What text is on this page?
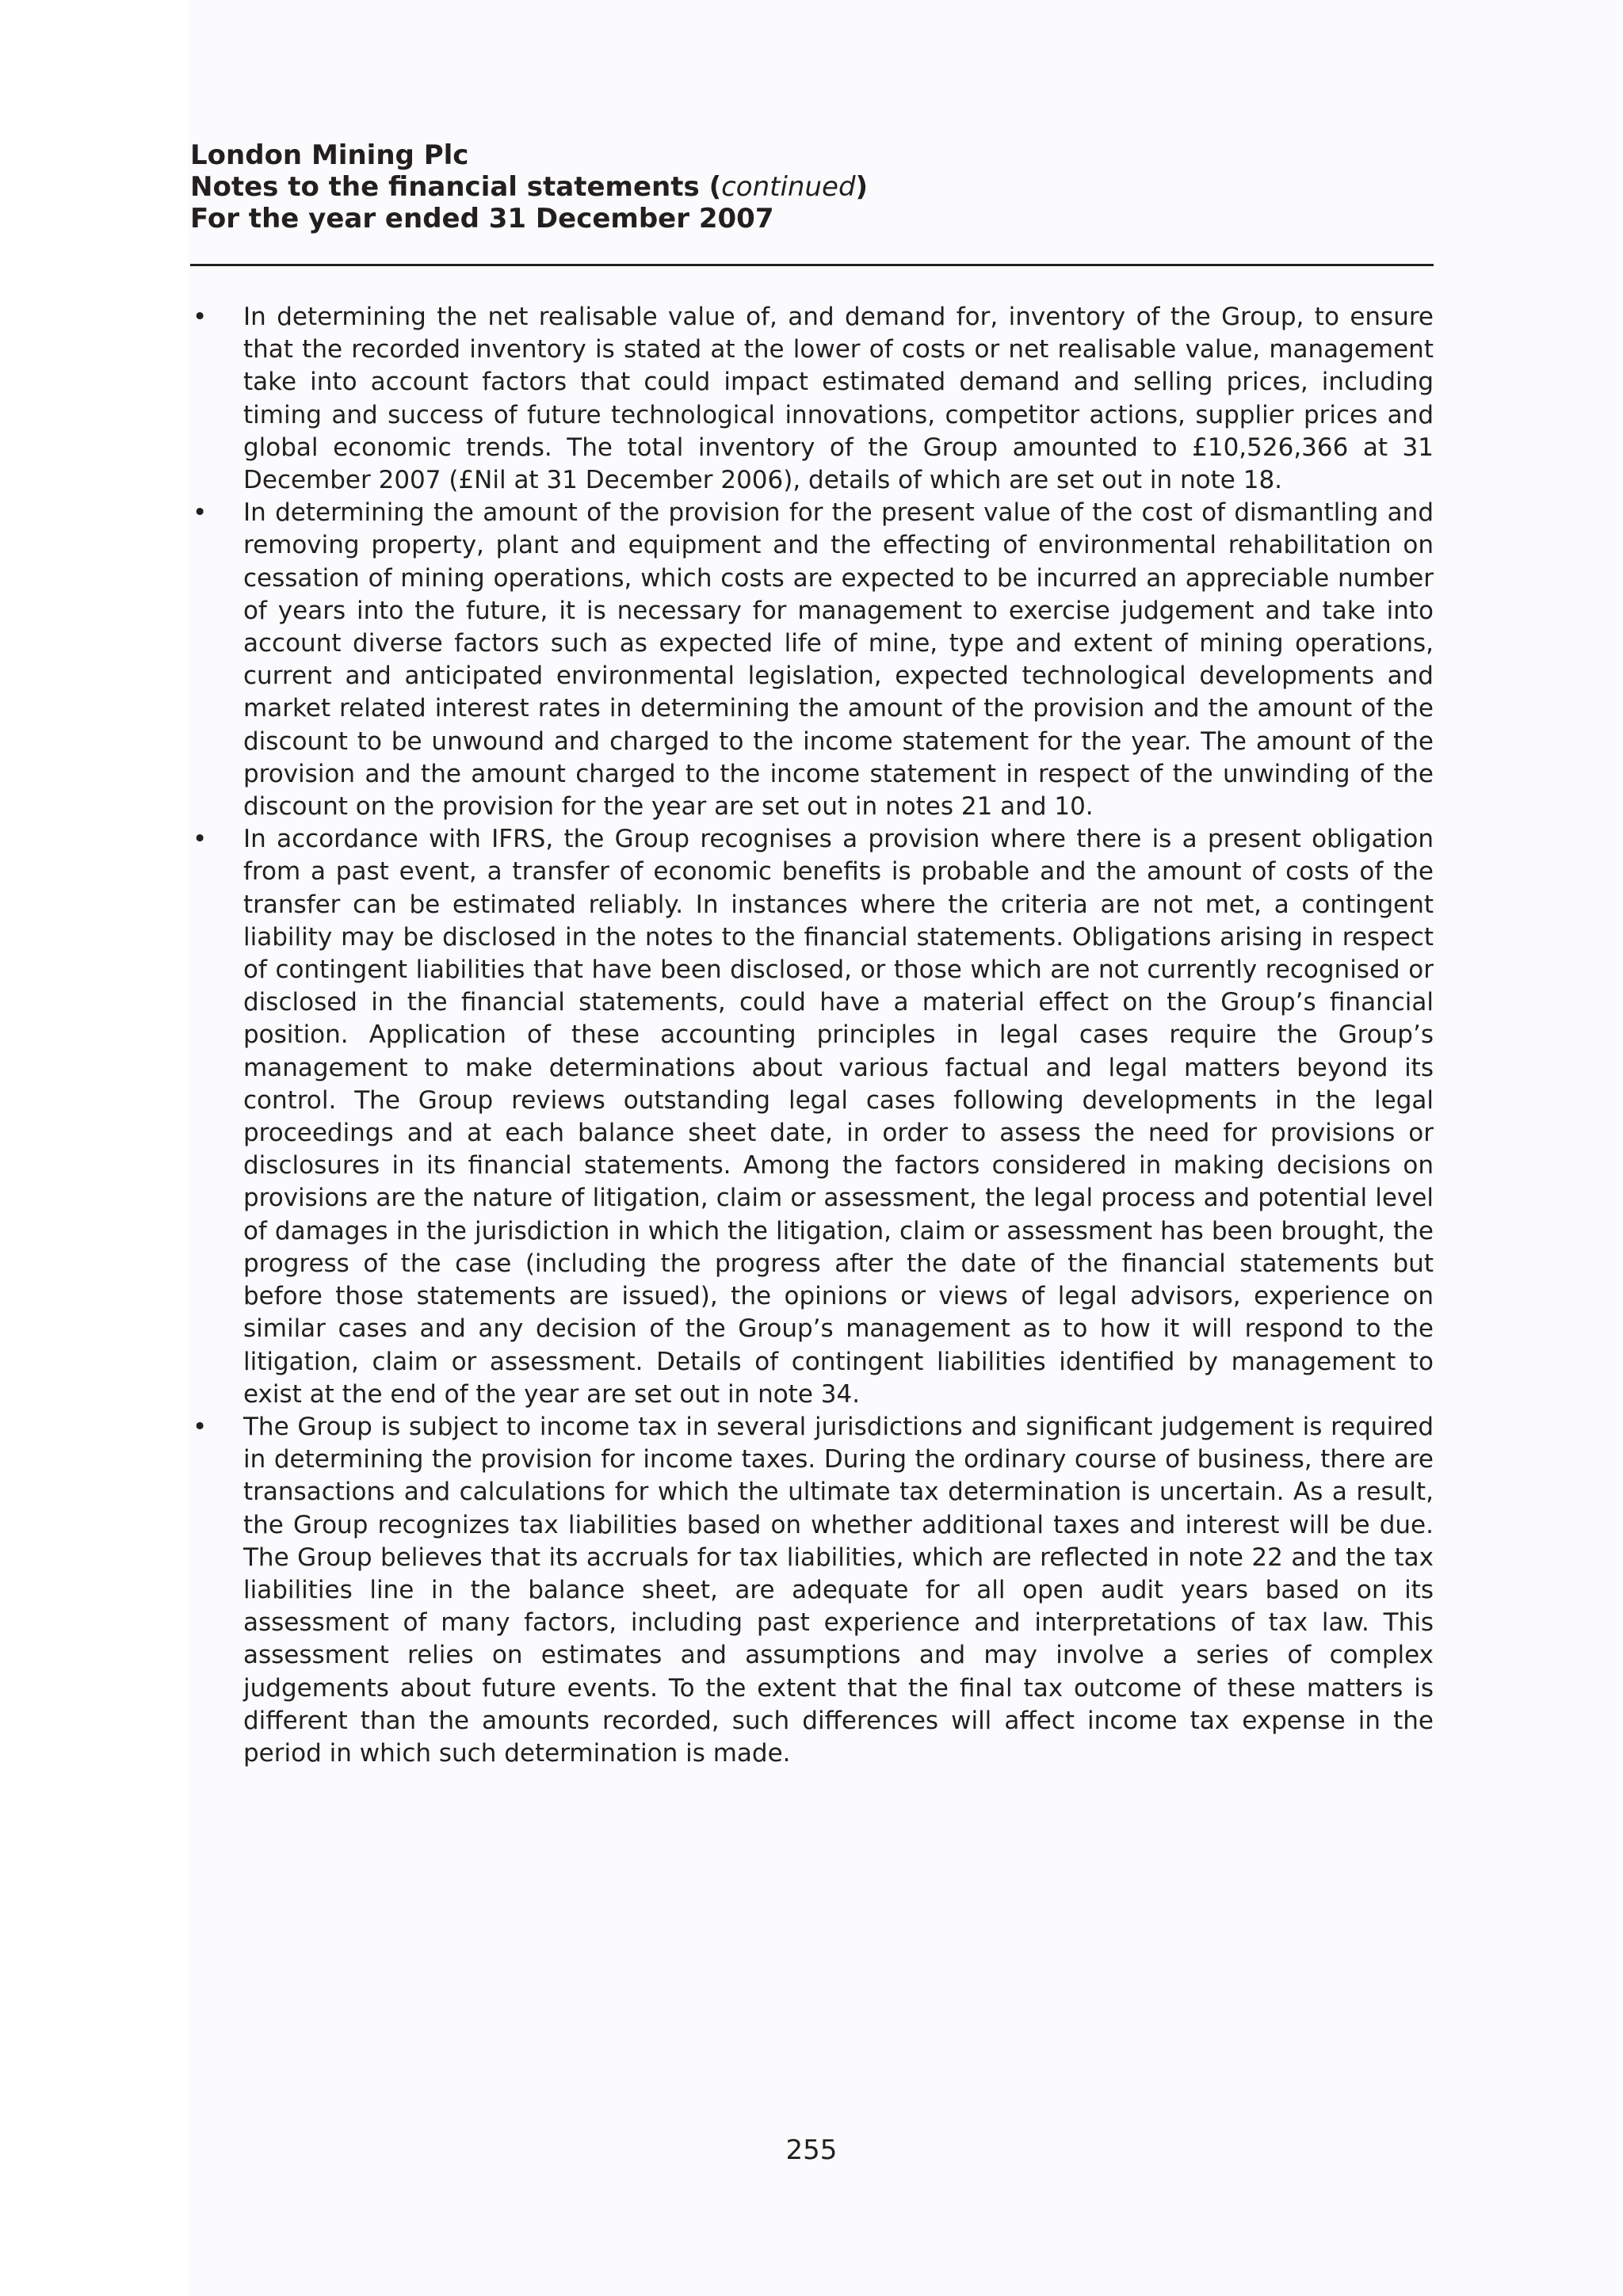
London Mining Plc
Notes to the financial statements (continued)
For the year ended 31 December 2007
• In determining the net realisable value of, and demand for, inventory of the Group, to ensure that the recorded inventory is stated at the lower of costs or net realisable value, management take into account factors that could impact estimated demand and selling prices, including timing and success of future technological innovations, competitor actions, supplier prices and global economic trends. The total inventory of the Group amounted to £10,526,366 at 31 December 2007 (£Nil at 31 December 2006), details of which are set out in note 18.
• In determining the amount of the provision for the present value of the cost of dismantling and removing property, plant and equipment and the effecting of environmental rehabilitation on cessation of mining operations, which costs are expected to be incurred an appreciable number of years into the future, it is necessary for management to exercise judgement and take into account diverse factors such as expected life of mine, type and extent of mining operations, current and anticipated environmental legislation, expected technological developments and market related interest rates in determining the amount of the provision and the amount of the discount to be unwound and charged to the income statement for the year. The amount of the provision and the amount charged to the income statement in respect of the unwinding of the discount on the provision for the year are set out in notes 21 and 10.
• In accordance with IFRS, the Group recognises a provision where there is a present obligation from a past event, a transfer of economic benefits is probable and the amount of costs of the transfer can be estimated reliably. In instances where the criteria are not met, a contingent liability may be disclosed in the notes to the financial statements. Obligations arising in respect of contingent liabilities that have been disclosed, or those which are not currently recognised or disclosed in the financial statements, could have a material effect on the Group’s financial position. Application of these accounting principles in legal cases require the Group’s management to make determinations about various factual and legal matters beyond its control. The Group reviews outstanding legal cases following developments in the legal proceedings and at each balance sheet date, in order to assess the need for provisions or disclosures in its financial statements. Among the factors considered in making decisions on provisions are the nature of litigation, claim or assessment, the legal process and potential level of damages in the jurisdiction in which the litigation, claim or assessment has been brought, the progress of the case (including the progress after the date of the financial statements but before those statements are issued), the opinions or views of legal advisors, experience on similar cases and any decision of the Group’s management as to how it will respond to the litigation, claim or assessment. Details of contingent liabilities identified by management to exist at the end of the year are set out in note 34.
• The Group is subject to income tax in several jurisdictions and significant judgement is required in determining the provision for income taxes. During the ordinary course of business, there are transactions and calculations for which the ultimate tax determination is uncertain. As a result, the Group recognizes tax liabilities based on whether additional taxes and interest will be due. The Group believes that its accruals for tax liabilities, which are reflected in note 22 and the tax liabilities line in the balance sheet, are adequate for all open audit years based on its assessment of many factors, including past experience and interpretations of tax law. This assessment relies on estimates and assumptions and may involve a series of complex judgements about future events. To the extent that the final tax outcome of these matters is different than the amounts recorded, such differences will affect income tax expense in the period in which such determination is made.
255
